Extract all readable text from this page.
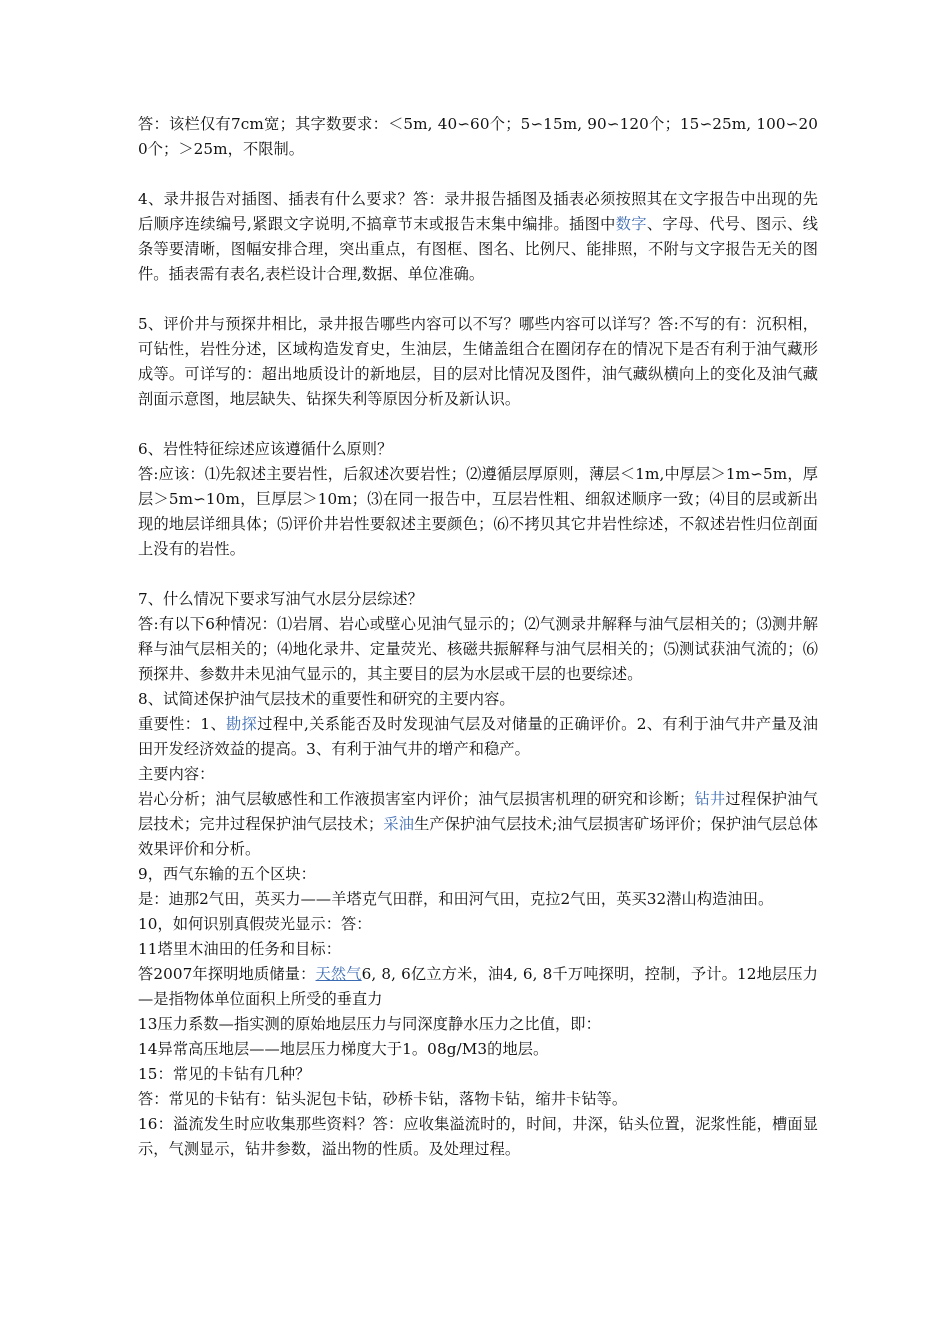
答：该栏仅有7cm宽；其字数要求：＜5m, 40∽60个；5∽15m, 90∽120个；15∽25m, 100∽200个；＞25m，不限制。

4、录井报告对插图、插表有什么要求？答：录井报告插图及插表必须按照其在文字报告中出现的先后顺序连续编号,紧跟文字说明,不搞章节末或报告末集中编排。插图中数字、字母、代号、图示、线条等要清晰，图幅安排合理，突出重点，有图框、图名、比例尺、能排照，不附与文字报告无关的图件。插表需有表名,表栏设计合理,数据、单位准确。

5、评价井与预探井相比，录井报告哪些内容可以不写？哪些内容可以详写？答:不写的有：沉积相，可钻性，岩性分述，区域构造发育史，生油层，生储盖组合在圈闭存在的情况下是否有利于油气藏形成等。可详写的：超出地质设计的新地层，目的层对比情况及图件，油气藏纵横向上的变化及油气藏剖面示意图，地层缺失、钻探失利等原因分析及新认识。

6、岩性特征综述应该遵循什么原则？

答:应该：⑴先叙述主要岩性，后叙述次要岩性；⑵遵循层厚原则，薄层＜1m,中厚层＞1m∽5m，厚层＞5m∽10m，巨厚层＞10m；⑶在同一报告中，互层岩性粗、细叙述顺序一致；⑷目的层或新出现的地层详细具体；⑸评价井岩性要叙述主要颜色；⑹不拷贝其它井岩性综述，不叙述岩性归位剖面上没有的岩性。

7、什么情况下要求写油气水层分层综述？

答:有以下6种情况：⑴岩屑、岩心或壁心见油气显示的；⑵气测录井解释与油气层相关的；⑶测井解释与油气层相关的；⑷地化录井、定量荧光、核磁共振解释与油气层相关的；⑸测试获油气流的；⑹预探井、参数井未见油气显示的，其主要目的层为水层或干层的也要综述。

8、试简述保护油气层技术的重要性和研究的主要内容。

重要性：1、勘探过程中,关系能否及时发现油气层及对储量的正确评价。2、有利于油气井产量及油田开发经济效益的提高。3、有利于油气井的增产和稳产。

主要内容：

岩心分析；油气层敏感性和工作液损害室内评价；油气层损害机理的研究和诊断；钻井过程保护油气层技术；完井过程保护油气层技术；采油生产保护油气层技术;油气层损害矿场评价；保护油气层总体效果评价和分析。

9，西气东输的五个区块：

是：迪那2气田，英买力——羊塔克气田群，和田河气田，克拉2气田，英买32潜山构造油田。

10，如何识别真假荧光显示：答：

11塔里木油田的任务和目标：

答2007年探明地质储量：天然气6, 8, 6亿立方米，油4, 6, 8千万吨探明，控制，予计。12地层压力—是指物体单位面积上所受的垂直力

13压力系数—指实测的原始地层压力与同深度静水压力之比值，即：

14异常高压地层——地层压力梯度大于1。08g/M3的地层。

15：常见的卡钻有几种？

答：常见的卡钻有：钻头泥包卡钻，砂桥卡钻，落物卡钻，缩井卡钻等。

16：溢流发生时应收集那些资料？答：应收集溢流时的，时间，井深，钻头位置，泥浆性能，槽面显示，气测显示，钻井参数，溢出物的性质。及处理过程。
